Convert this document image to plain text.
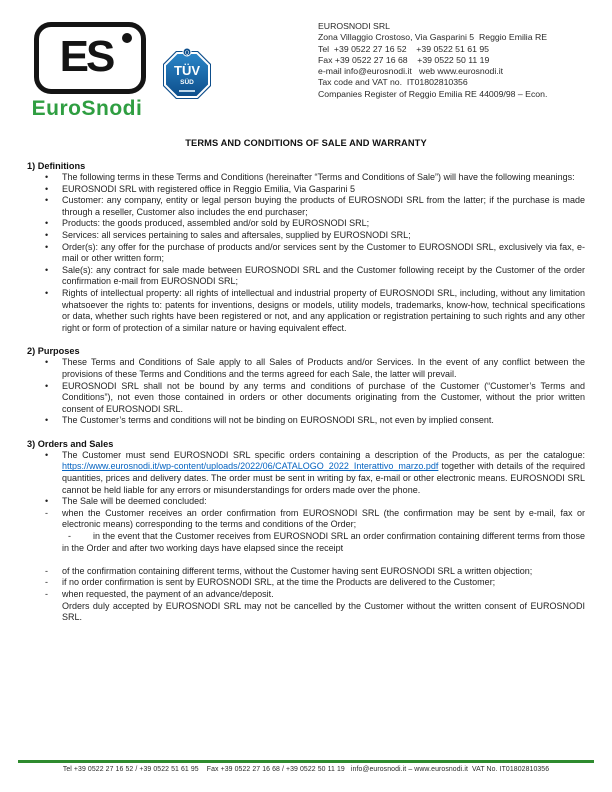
ES
EuroSnodi
Q
TÜV
SÜD
EUROSNODI SRL
Zona Villaggio Crostoso, Via Gasparini 5  Reggio Emilia RE
Tel  +39 0522 27 16 52    +39 0522 51 61 95
Fax +39 0522 27 16 68    +39 0522 50 11 19
e-mail info@eurosnodi.it   web www.eurosnodi.it
Tax code and VAT no.  IT01802810356
Companies Register of Reggio Emilia RE 44009/98 – Econ.
TERMS AND CONDITIONS OF SALE AND WARRANTY
1) Definitions
•	The following terms in these Terms and Conditions (hereinafter “Terms and Conditions of Sale”) will have the following meanings:
•	EUROSNODI SRL with registered office in Reggio Emilia, Via Gasparini 5
•	Customer: any company, entity or legal person buying the products of EUROSNODI SRL from the latter; if the purchase is made through a reseller, Customer also includes the end purchaser;
•	Products: the goods produced, assembled and/or sold by EUROSNODI SRL;
•	Services: all services pertaining to sales and aftersales, supplied by EUROSNODI SRL;
•	Order(s): any offer for the purchase of products and/or services sent by the Customer to EUROSNODI SRL, exclusively via fax, e-mail or other written form;
•	Sale(s): any contract for sale made between EUROSNODI SRL and the Customer following receipt by the Customer of the order confirmation e-mail from EUROSNODI SRL;
•	Rights of intellectual property: all rights of intellectual and industrial property of EUROSNODI SRL, including, without any limitation whatsoever the rights to: patents for inventions, designs or models, utility models, trademarks, know-how, technical specifications or data, whether such rights have been registered or not, and any application or registration pertaining to such rights and any other right or form of protection of a similar nature or having equivalent effect.
2) Purposes
•	These Terms and Conditions of Sale apply to all Sales of Products and/or Services. In the event of any conflict between the provisions of these Terms and Conditions and the terms agreed for each Sale, the latter will prevail.
•	EUROSNODI SRL shall not be bound by any terms and conditions of purchase of the Customer (“Customer’s Terms and Conditions”), not even those contained in orders or other documents originating from the Customer, without the prior written consent of EUROSNODI SRL.
•	The Customer’s terms and conditions will not be binding on EUROSNODI SRL, not even by implied consent.
3) Orders and Sales
•	The Customer must send EUROSNODI SRL specific orders containing a description of the Products, as per the catalogue: https://www.eurosnodi.it/wp-content/uploads/2022/06/CATALOGO_2022_Interattivo_marzo.pdf together with details of the required quantities, prices and delivery dates. The order must be sent in writing by fax, e-mail or other electronic means. EUROSNODI SRL cannot be held liable for any errors or misunderstandings for orders made over the phone.
•	The Sale will be deemed concluded:
-	when the Customer receives an order confirmation from EUROSNODI SRL (the confirmation may be sent by e-mail, fax or electronic means) corresponding to the terms and conditions of the Order;
- in the event that the Customer receives from EUROSNODI SRL an order confirmation containing different terms from those in the Order and after two working days have elapsed since the receipt
-	of the confirmation containing different terms, without the Customer having sent EUROSNODI SRL a written objection;
-	if no order confirmation is sent by EUROSNODI SRL, at the time the Products are delivered to the Customer;
-	when requested, the payment of an advance/deposit.
Orders duly accepted by EUROSNODI SRL may not be cancelled by the Customer without the written consent of EUROSNODI SRL.
Tel +39 0522 27 16 52 / +39 0522 51 61 95    Fax +39 0522 27 16 68 / +39 0522 50 11 19   info@eurosnodi.it – www.eurosnodi.it  VAT No. IT01802810356
